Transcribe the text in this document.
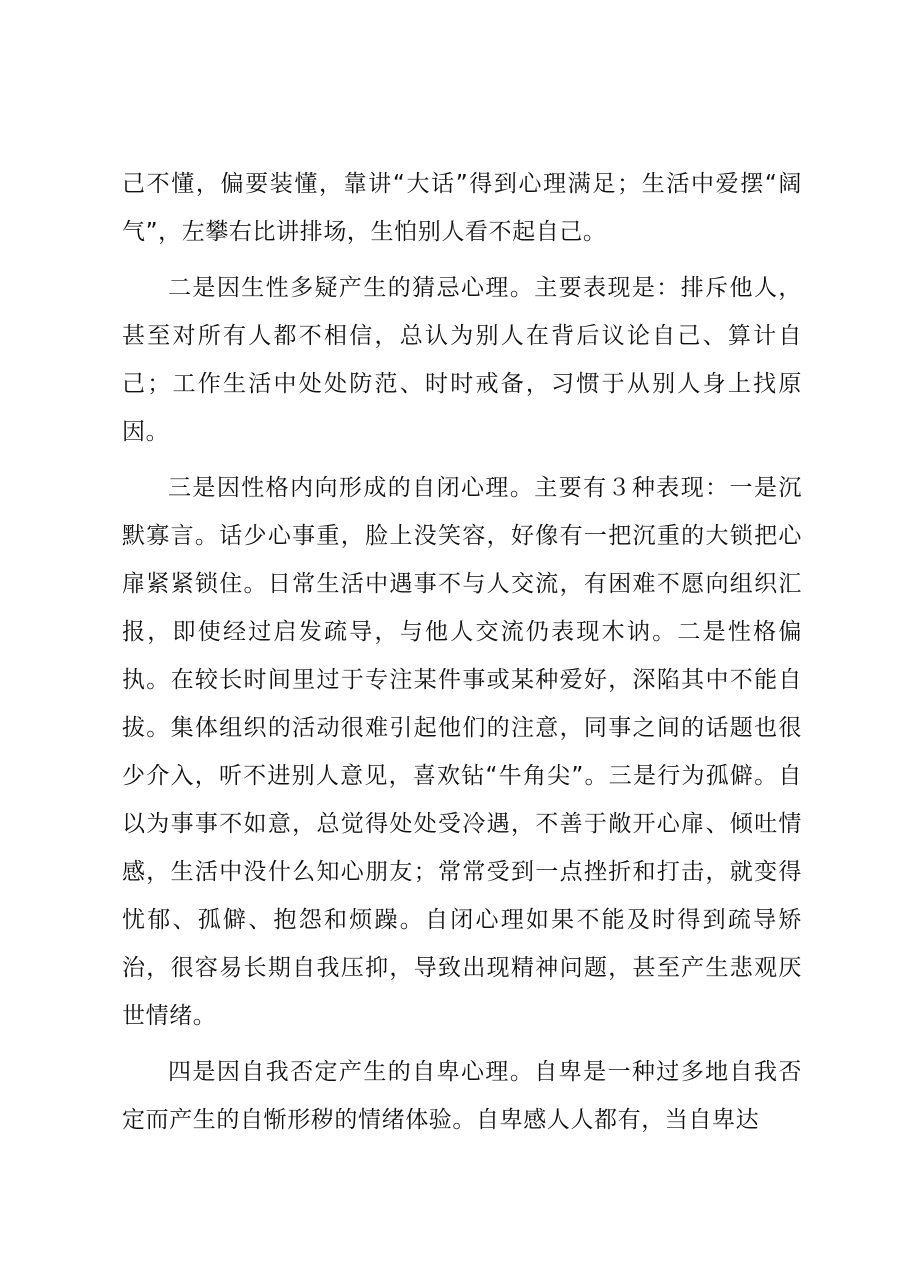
己不懂，偏要装懂，靠讲“大话”得到心理满足；生活中爱摆“阔气”，左攀右比讲排场，生怕别人看不起自己。

二是因生性多疑产生的猜忌心理。主要表现是：排斥他人，甚至对所有人都不相信，总认为别人在背后议论自己、算计自己；工作生活中处处防范、时时戒备，习惯于从别人身上找原因。

三是因性格内向形成的自闭心理。主要有３种表现：一是沉默寡言。话少心事重，脸上没笑容，好像有一把沉重的大锁把心扉紧紧锁住。日常生活中遇事不与人交流，有困难不愿向组织汇报，即使经过启发疏导，与他人交流仍表现木讷。二是性格偏执。在较长时间里过于专注某件事或某种爱好，深陷其中不能自拔。集体组织的活动很难引起他们的注意，同事之间的话题也很少介入，听不进别人意见，喜欢钻“牛角尖”。三是行为孤僻。自以为事事不如意，总觉得处处受冷遇，不善于敞开心扉、倾吐情感，生活中没什么知心朋友；常常受到一点挫折和打击，就变得忧郁、孤僻、抱怨和烦躁。自闭心理如果不能及时得到疏导矫治，很容易长期自我压抑，导致出现精神问题，甚至产生悲观厌世情绪。

四是因自我否定产生的自卑心理。自卑是一种过多地自我否定而产生的自惭形秽的情绪体验。自卑感人人都有，当自卑达
